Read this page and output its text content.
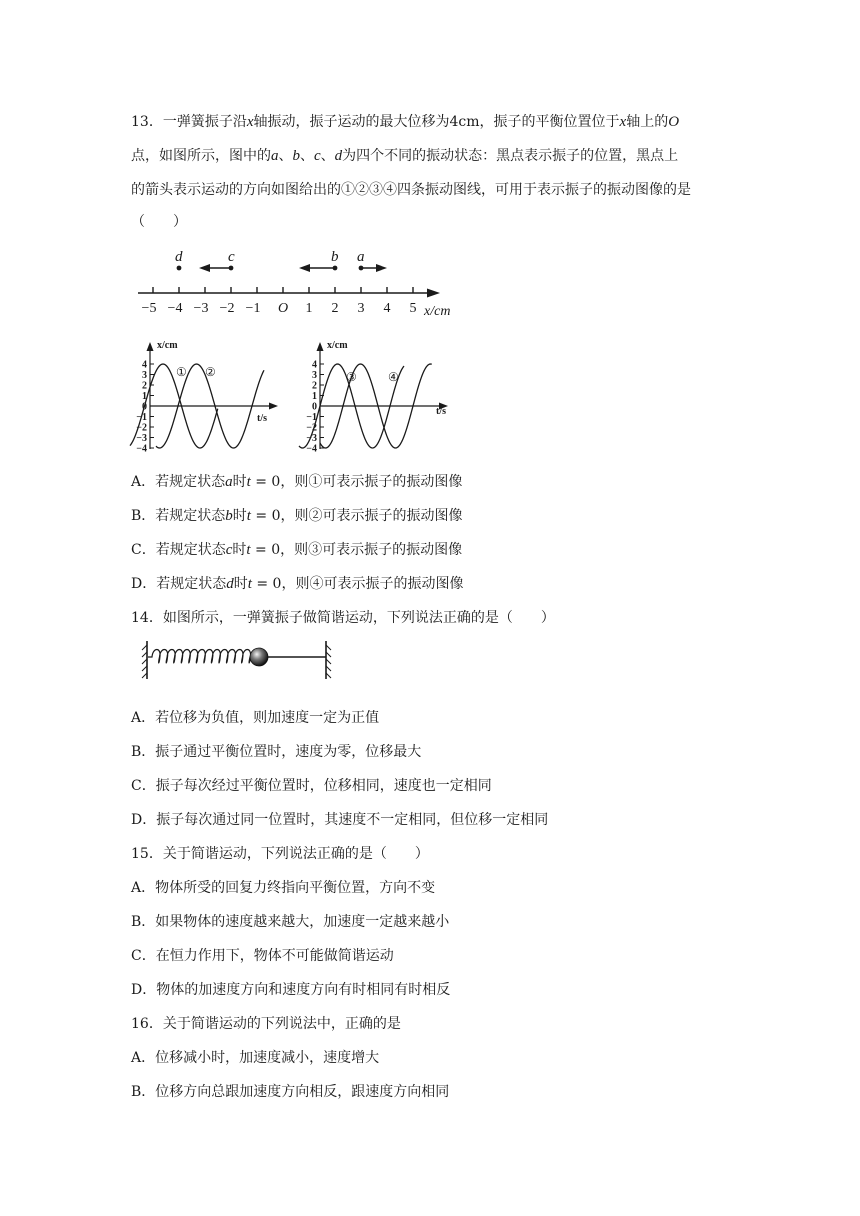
13．一弹簧振子沿x轴振动，振子运动的最大位移为4cm，振子的平衡位置位于x轴上的O
点，如图所示，图中的a、b、c、d为四个不同的振动状态：黑点表示振子的位置，黑点上
的箭头表示运动的方向如图给出的①②③④四条振动图线，可用于表示振子的振动图像的是
（　　）
−5 −4 −3 −2 −1 O 1 2 3 4 5 x/cm
d	c	b a
x/cm
t/s
4
3
2
1
0
−1
−2
−3
−4
① ②
x/cm
t/s
4
3
2
1
0
−1
−2
−3
−4
③	④
A．若规定状态a时t = 0，则①可表示振子的振动图像
B．若规定状态b时t = 0，则②可表示振子的振动图像
C．若规定状态c时t = 0，则③可表示振子的振动图像
D．若规定状态d时t = 0，则④可表示振子的振动图像
14．如图所示，一弹簧振子做简谐运动，下列说法正确的是（　　）
A．若位移为负值，则加速度一定为正值
B．振子通过平衡位置时，速度为零，位移最大
C．振子每次经过平衡位置时，位移相同，速度也一定相同
D．振子每次通过同一位置时，其速度不一定相同，但位移一定相同
15．关于简谐运动，下列说法正确的是（　　）
A．物体所受的回复力终指向平衡位置，方向不变
B．如果物体的速度越来越大，加速度一定越来越小
C．在恒力作用下，物体不可能做简谐运动
D．物体的加速度方向和速度方向有时相同有时相反
16．关于简谐运动的下列说法中，正确的是
A．位移减小时，加速度减小，速度增大
B．位移方向总跟加速度方向相反，跟速度方向相同
